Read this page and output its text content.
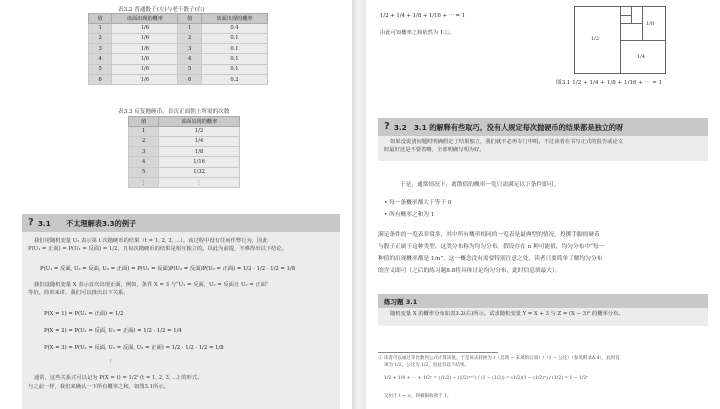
表3.2 普通骰子(左)与老千骰子(右)
值	该面出现的概率	值	该面出现的概率
1	1/6	1	0.4
2	1/6	2	0.1
3	1/6	3	0.1
4	1/6	4	0.1
5	1/6	5	0.1
6	1/6	6	0.2
表3.3 反复抛硬币，首次正面朝上所需的次数
值	该面出现的概率
1	1/2
2	1/4
3	1/8
4	1/16
5	1/32
⋮	⋮
? 3.1 不太理解表3.3的例子
我们用随机变量 U₁ 表示第 t 次抛硬币的结果（t = 1, 2, 3, …）。该过程中没有任何作弊行为，因此
P(U₁ = 正面) = P(U₁ = 反面) = 1/2，且每次抛硬币的结果是相互独立的。以此为前提，不难得出以下结论。
P(U₁ = 反面, U₂ = 反面, U₃ = 正面) = P(U₁ = 反面)P(U₂ = 反面)P(U₃ = 正面) = 1/2 · 1/2 · 1/2 = 1/8
我们设随机变量 X 表示首次出现正面，例如，条件 X = 3 与“U₁ = 反面，U₂ = 反面且 U₃ = 正面”
等价。简单来讲，我们可以推出以下关系。
P(X = 1) = P(U₁ = 正面) = 1/2
P(X = 2) = P(U₁ = 反面, U₂ = 正面) = 1/2 · 1/2 = 1/4
P(X = 3) = P(U₁ = 反面, U₂ = 反面, U₃ = 正面) = 1/2 · 1/2 · 1/2 = 1/8
⋮
通常，这些关系式可以记为 P(X = t) = 1/2ᵗ (t = 1, 2, 3, …) 的形式。
与之前一样，我们来确认一下所有概率之和，如图3.1所示。
1/2 + 1/4 + 1/8 + 1/16 + ⋯ = 1
由此可知概率之和依然为 1①。
1/2
1/4
1/8
图3.1 1/2 + 1/4 + 1/8 + 1/16 + ⋯ = 1
? 3.2 3.1 的解释有些取巧。没有人规定每次抛硬币的结果都是独立的呀
如果没说清问题时明确假定了结果独立，我们就不必再专门申明。不过读者在书写正式的报告或论文
时最好还是不要省略，全部明确写明为好。
于是，通常情况下，离散值的概率一览只需满足以下条件即可。
• 每一条概率都大于等于 0
• 所有概率之和为 1
满足条件的一览表非常多，其中所有概率相同的一览表是最典型的情况。投掷手脚的硬币
与骰子正属于这种类型。这类分布称为均匀分布。假设存在 n 种可能值，均匀分布中“每一
种值的出现概率都是 1/n”。这一概念没有需要特别注意之处，读者只要简单了解均匀分布
的含义即可（之后的练习题8.8将具体讨论均匀分布，此时信息填最大）。
练习题 3.1
随机变量 X 的概率分布如表3.2(右)所示。试求随机变量 Y = X + 3 与 Z = (X − 3)² 的概率分布。
① 读者可以通过等比数列公式计算该值。于是该式转换为 r（首项 − 末项的后项）/（1 − 公比）（参见附录A.4），此时首
项为 1/2，公比为 1/2，因此有以下结果。
1/2 + 1/4 + ⋯ + 1/2ⁿ = ((1/2) − (1/2)ⁿ⁺¹) / (1 − (1/2)) = (1/2)(1 − (1/2)ⁿ) / (1/2) = 1 − 1/2ⁿ
又由于 t → ∞，得极限收敛于 1。
